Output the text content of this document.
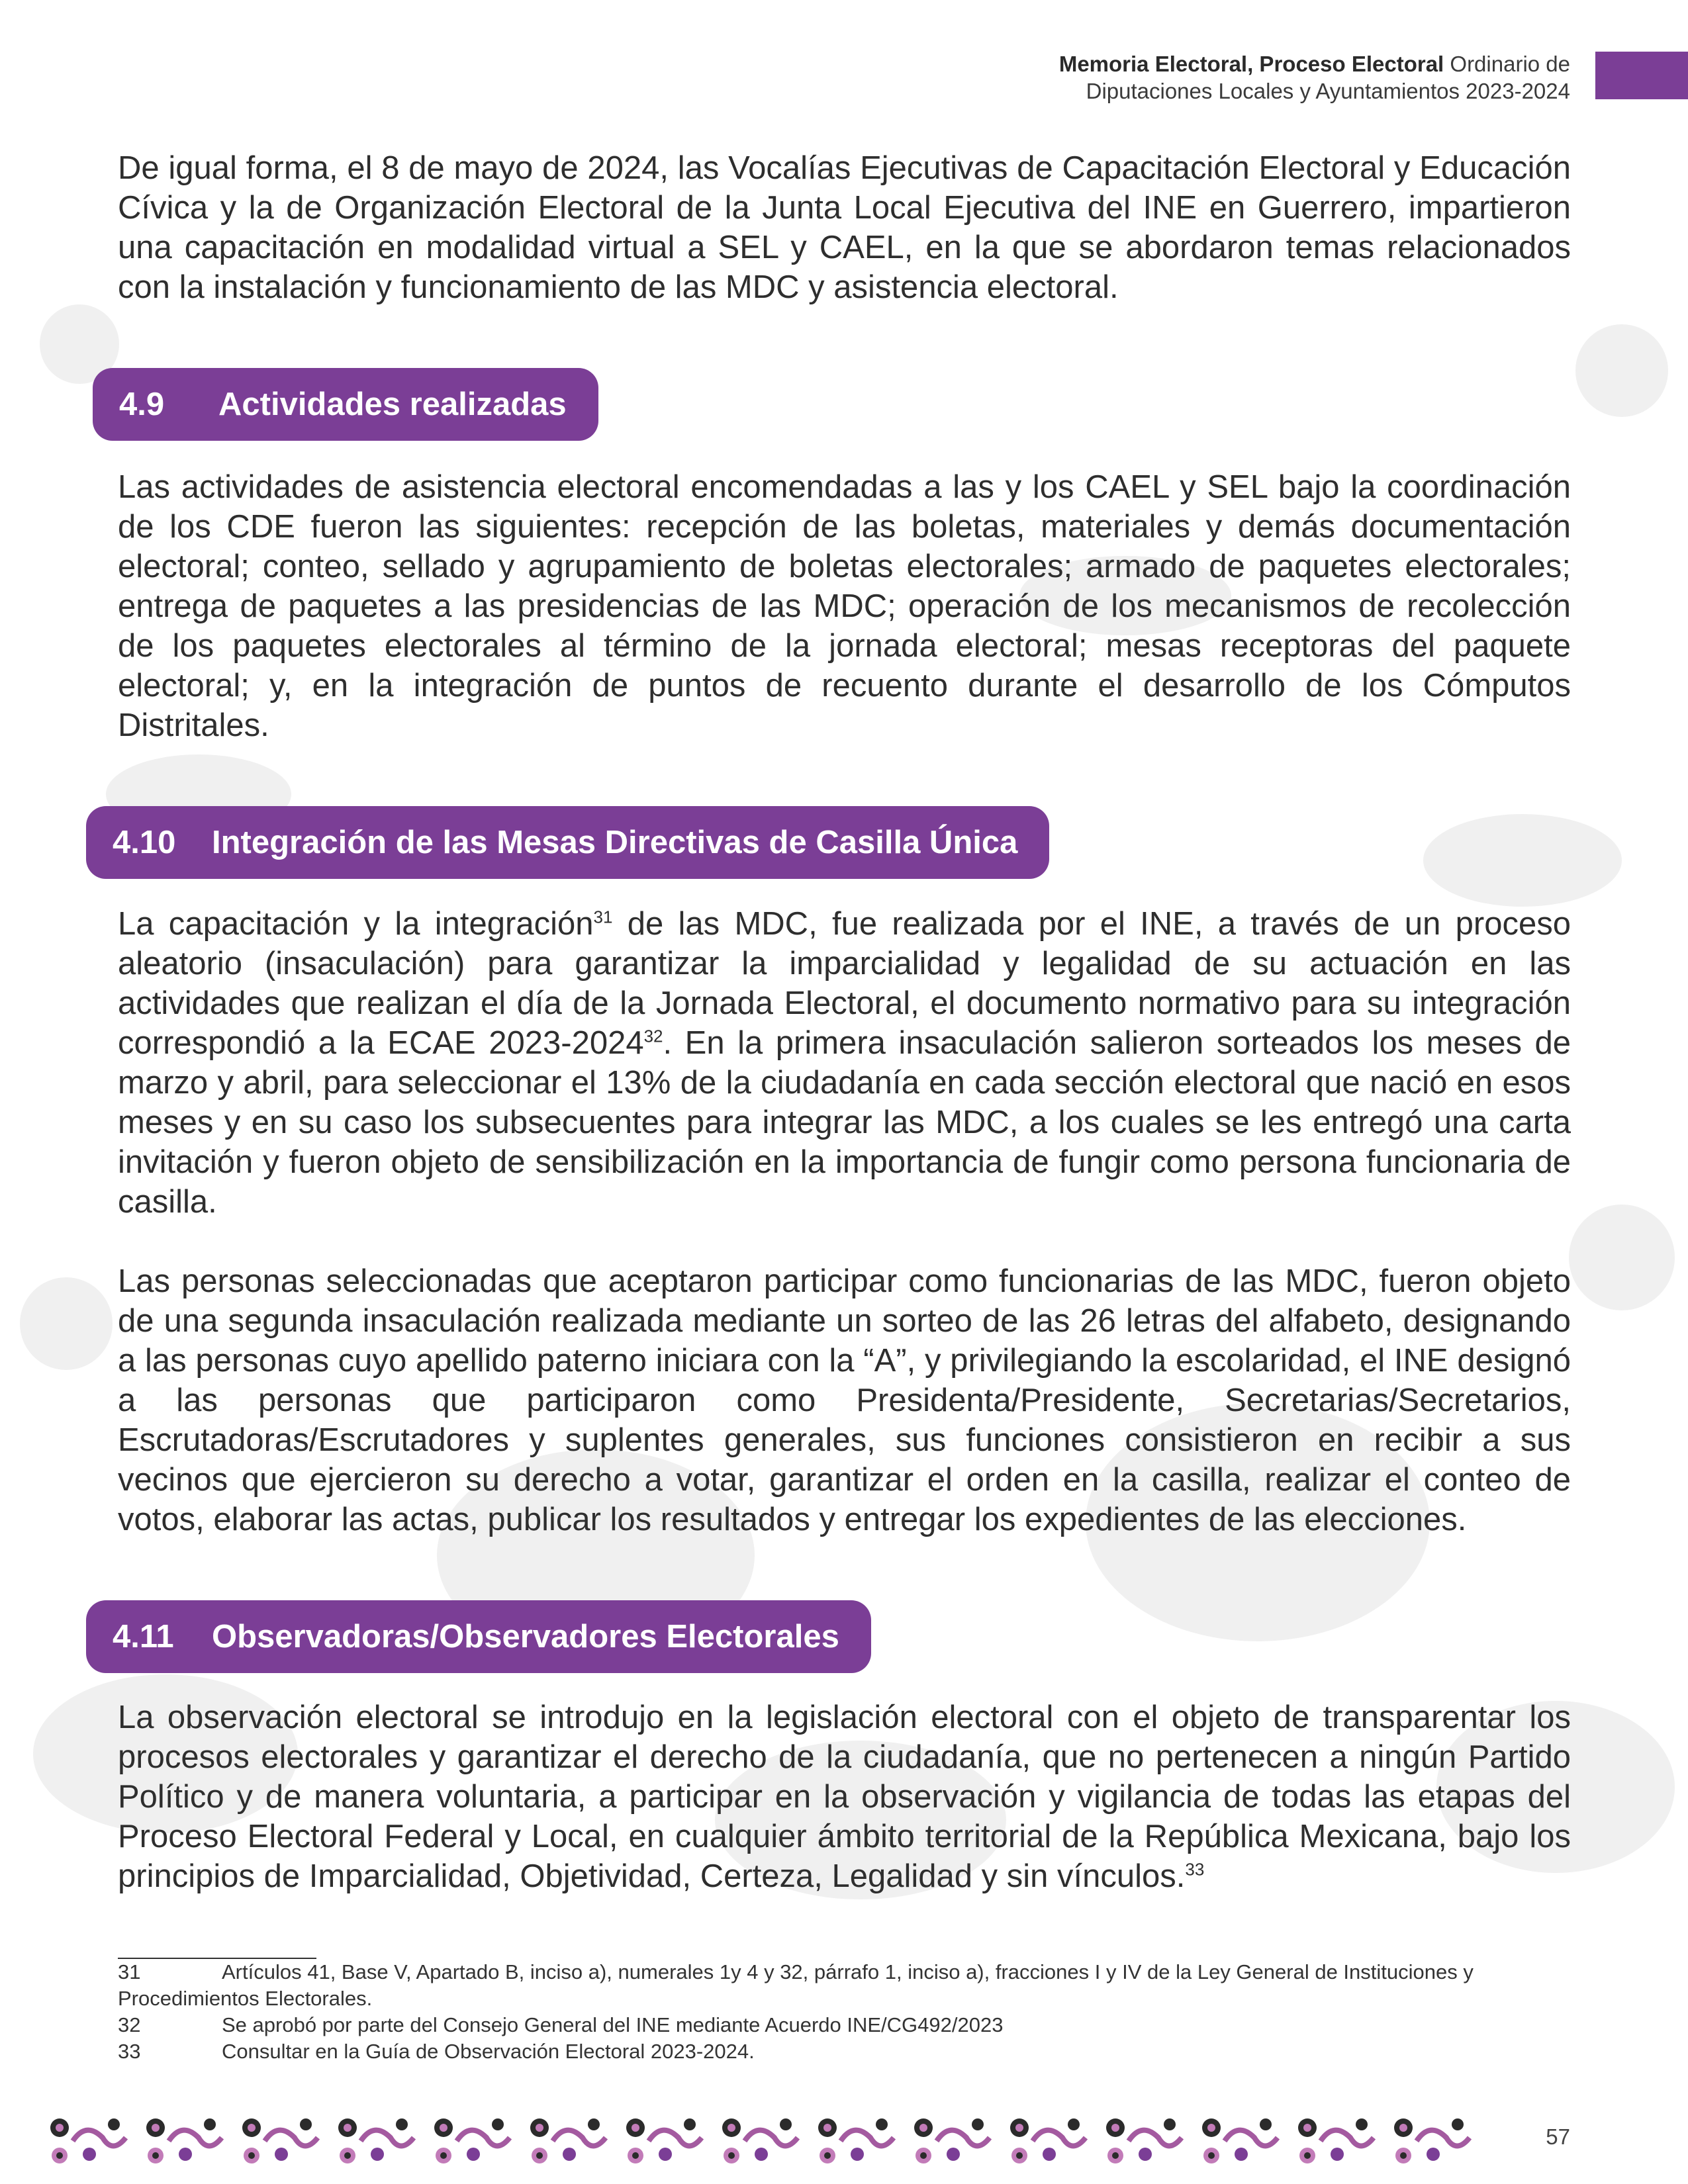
Memoria Electoral, Proceso Electoral Ordinario de
Diputaciones Locales y Ayuntamientos 2023-2024

De igual forma, el 8 de mayo de 2024, las Vocalías Ejecutivas de Capacitación Electoral y Educación Cívica y la de Organización Electoral de la Junta Local Ejecutiva del INE en Guerrero, impartieron una capacitación en modalidad virtual a SEL y CAEL, en la que se abordaron temas relacionados con la instalación y funcionamiento de las MDC y asistencia electoral.

4.9	Actividades realizadas

Las actividades de asistencia electoral encomendadas a las y los CAEL y SEL bajo la coordinación de los CDE fueron las siguientes: recepción de las boletas, materiales y demás documentación electoral; conteo, sellado y agrupamiento de boletas electorales; armado de paquetes electorales; entrega de paquetes a las presidencias de las MDC; operación de los mecanismos de recolección de los paquetes electorales al término de la jornada electoral; mesas receptoras del paquete electoral; y, en la integración de puntos de recuento durante el desarrollo de los Cómputos Distritales.

4.10	Integración de las Mesas Directivas de Casilla Única

La capacitación y la integración$^{31}$ de las MDC, fue realizada por el INE, a través de un proceso aleatorio (insaculación) para garantizar la imparcialidad y legalidad de su actuación en las actividades que realizan el día de la Jornada Electoral, el documento normativo para su integración correspondió a la ECAE 2023-2024$^{32}$. En la primera insaculación salieron sorteados los meses de marzo y abril, para seleccionar el 13% de la ciudadanía en cada sección electoral que nació en esos meses y en su caso los subsecuentes para integrar las MDC, a los cuales se les entregó una carta invitación y fueron objeto de sensibilización en la importancia de fungir como persona funcionaria de casilla.

Las personas seleccionadas que aceptaron participar como funcionarias de las MDC, fueron objeto de una segunda insaculación realizada mediante un sorteo de las 26 letras del alfabeto, designando a las personas cuyo apellido paterno iniciara con la “A”, y privilegiando la escolaridad, el INE designó a las personas que participaron como Presidenta/Presidente, Secretarias/Secretarios, Escrutadoras/Escrutadores y suplentes generales, sus funciones consistieron en recibir a sus vecinos que ejercieron su derecho a votar, garantizar el orden en la casilla, realizar el conteo de votos, elaborar las actas, publicar los resultados y entregar los expedientes de las elecciones.

4.11	Observadoras/Observadores Electorales

La observación electoral se introdujo en la legislación electoral con el objeto de transparentar los procesos electorales y garantizar el derecho de la ciudadanía, que no pertenecen a ningún Partido Político y de manera voluntaria, a participar en la observación y vigilancia de todas las etapas del Proceso Electoral Federal y Local, en cualquier ámbito territorial de la República Mexicana, bajo los principios de Imparcialidad, Objetividad, Certeza, Legalidad y sin vínculos.$^{33}$

31	Artículos 41, Base V, Apartado B, inciso a), numerales 1y 4 y 32, párrafo 1, inciso a), fracciones I y IV de la Ley General de Instituciones y Procedimientos Electorales.
32	Se aprobó por parte del Consejo General del INE mediante Acuerdo INE/CG492/2023
33	Consultar en la Guía de Observación Electoral 2023-2024.
57
